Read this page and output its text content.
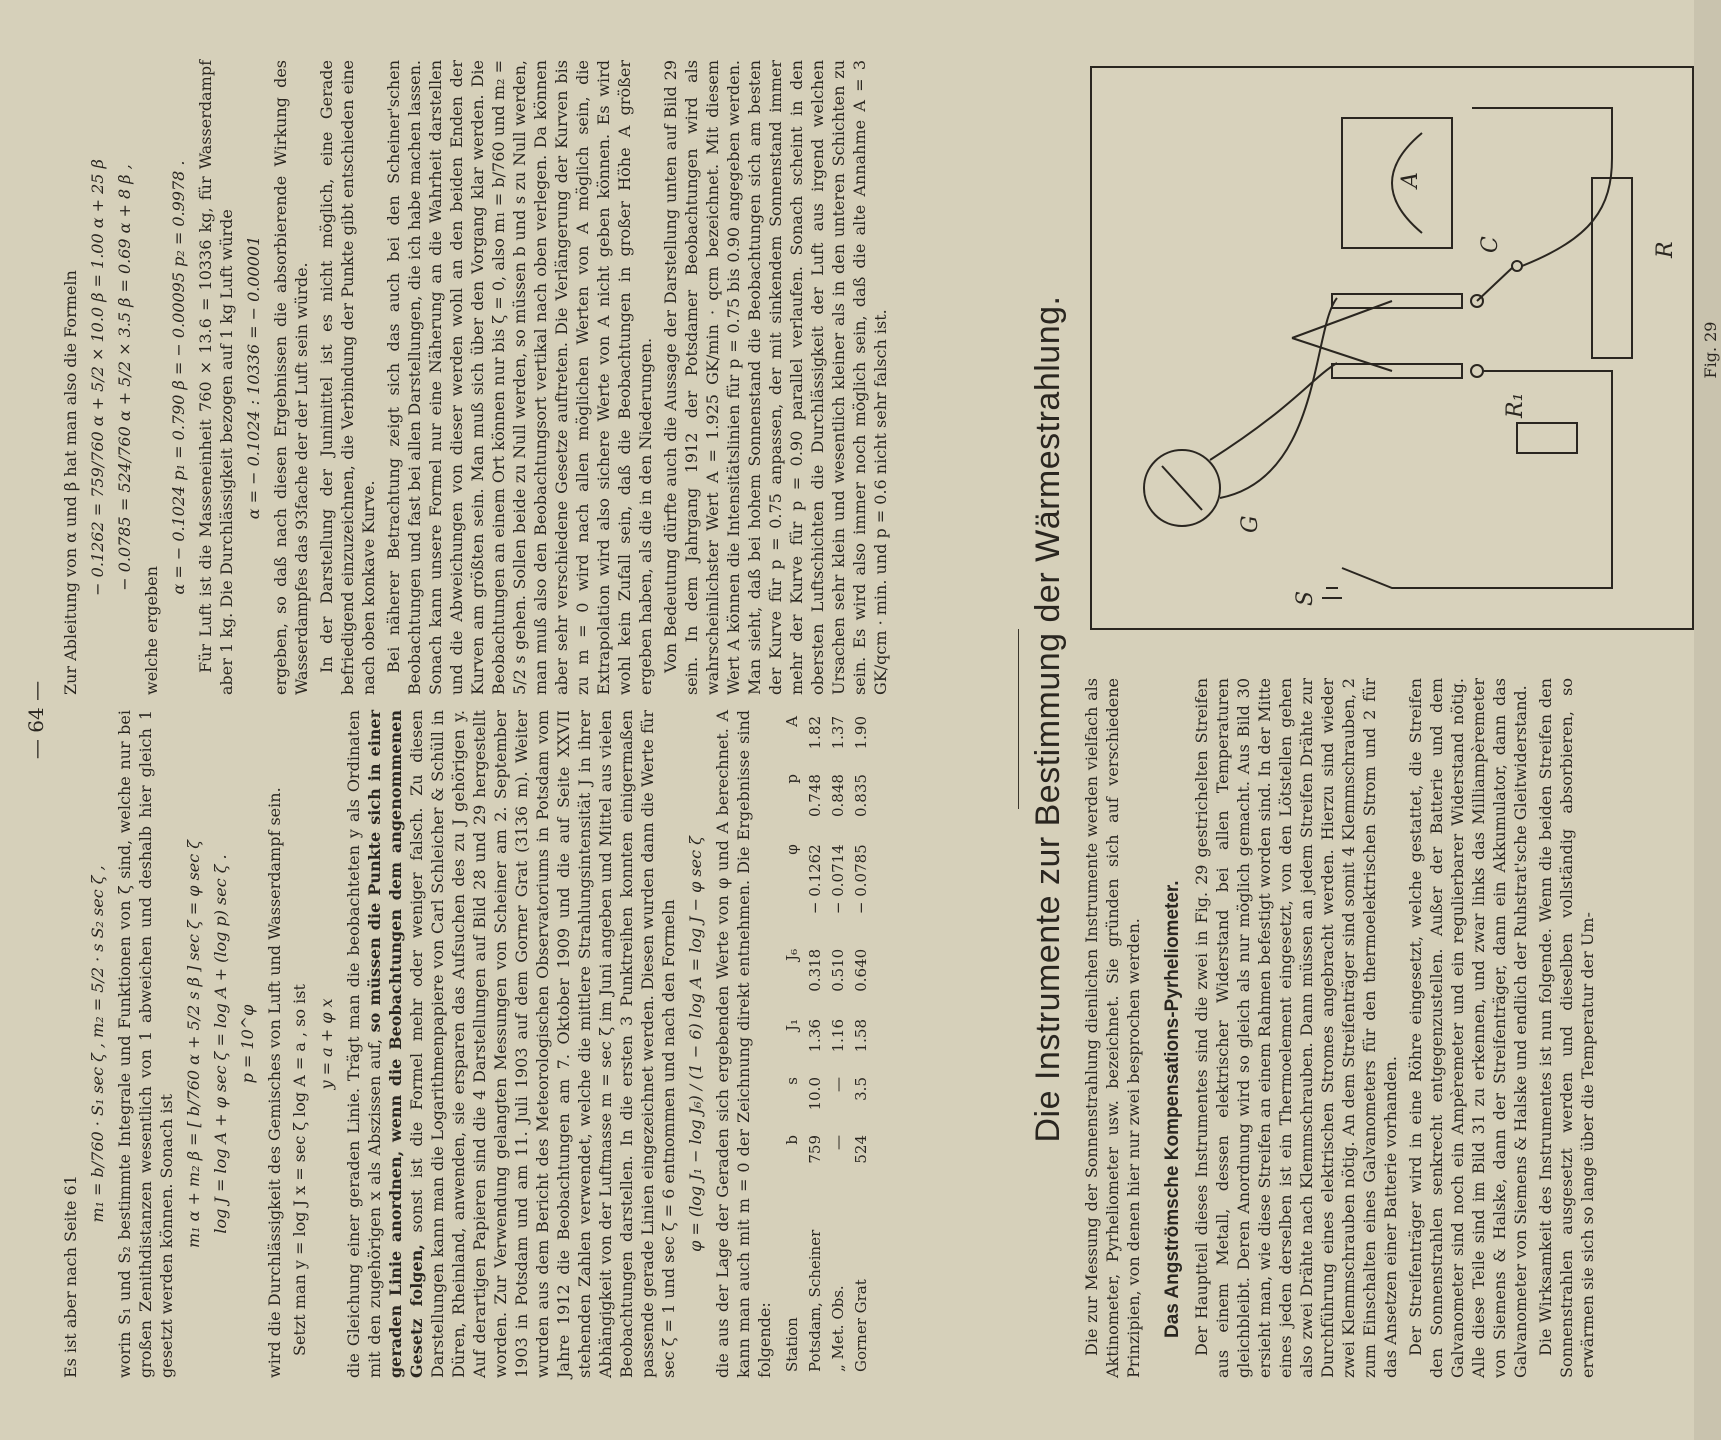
— 64 —

Es ist aber nach Seite 61

m₁ = b/760 · S₁ sec ζ , m₂ = 5/2 · s S₂ sec ζ , worin S₁ und S₂ bestimmte Integrale und Funktionen von ζ sind, welche nur bei großen Zenithdistanzen wesentlich von 1 abweichen und deshalb hier gleich 1 gesetzt werden können. Sonach ist m₁ α + m₂ β = [ b/760 α + 5/2 s β ] sec ζ = φ sec ζ log J = log A + φ sec ζ = log A + (log p) sec ζ . p = 10^φ wird die Durchlässigkeit des Gemisches von Luft und Wasserdampf sein. Setzt man y = log J x = sec ζ log A = a , so ist y = a + φ x die Gleichung einer geraden Linie. Trägt man die beobachteten y als Ordinaten mit den zugehörigen x als Abszissen auf, so müssen die Punkte sich in einer geraden Linie anordnen, wenn die Beobachtungen dem angenommenen Gesetz folgen, sonst ist die Formel mehr oder weniger falsch. Zu diesen Darstellungen kann man die Logarithmenpapiere von Carl Schleicher & Schüll in Düren, Rheinland, anwenden, sie ersparen das Aufsuchen des zu J gehörigen y. Auf derartigen Papieren sind die 4 Darstellungen auf Bild 28 und 29 hergestellt worden. Zur Verwendung gelangten Messungen von Scheiner am 2. September 1903 in Potsdam und am 11. Juli 1903 auf dem Gorner Grat (3136 m). Weiter wurden aus dem Bericht des Meteorologischen Observatoriums in Potsdam vom Jahre 1912 die Beobachtungen am 7. Oktober 1909 und die auf Seite XXVII stehenden Zahlen verwendet, welche die mittlere Strahlungsintensität J in ihrer Abhängigkeit von der Luftmasse m = sec ζ im Juni angeben und Mittel aus vielen Beobachtungen darstellen. In die ersten 3 Punktreihen konnten einigermaßen passende gerade Linien eingezeichnet werden. Diesen wurden dann die Werte für sec ζ = 1 und sec ζ = 6 entnommen und nach den Formeln φ = (log J₁ − log J₆) / (1 − 6) log A = log J − φ sec ζ die aus der Lage der Geraden sich ergebenden Werte von φ und A berechnet. A kann man auch mit m = 0 der Zeichnung direkt entnehmen. Die Ergebnisse sind folgende: Station	b	s	J₁	J₆	φ	p	A
Potsdam, Scheiner	759	10.0	1.36	0.318	− 0.1262	0.748	1.82
„ Met. Obs.	—	—	1.16	0.510	− 0.0714	0.848	1.37
Gorner Grat	524	3.5	1.58	0.640	− 0.0785	0.835	1.90

Zur Ableitung von α und β hat man also die Formeln − 0.1262 = 759/760 α + 5/2 × 10.0 β = 1.00 α + 25 β − 0.0785 = 524/760 α + 5/2 × 3.5 β = 0.69 α + 8 β ,

welche ergeben

α = − 0.1024 p₁ = 0.790 β = − 0.00095 p₂ = 0.9978 . Für Luft ist die Masseneinheit 760 × 13.6 = 10336 kg, für Wasserdampf aber 1 kg. Die Durchlässigkeit bezogen auf 1 kg Luft würde α = − 0.1024 : 10336 = − 0.00001 ergeben, so daß nach diesen Ergebnissen die absorbierende Wirkung des Wasserdampfes das 93fache der der Luft sein würde. In der Darstellung der Junimittel ist es nicht möglich, eine Gerade befriedigend einzuzeichnen, die Verbindung der Punkte gibt entschieden eine nach oben konkave Kurve. Bei näherer Betrachtung zeigt sich das auch bei den Scheiner'schen Beobachtungen und fast bei allen Darstellungen, die ich habe machen lassen. Sonach kann unsere Formel nur eine Näherung an die Wahrheit darstellen und die Abweichungen von dieser werden wohl an den beiden Enden der Kurven am größten sein. Man muß sich über den Vorgang klar werden. Die Beobachtungen an einem Ort können nur bis ζ = 0, also m₁ = b/760 und m₂ = 5/2 s gehen. Sollen beide zu Null werden, so müssen b und s zu Null werden, man muß also den Beobachtungsort vertikal nach oben verlegen. Da können aber sehr verschiedene Gesetze auftreten. Die Verlängerung der Kurven bis zu m = 0 wird nach allen möglichen Werten von A möglich sein, die Extrapolation wird also sichere Werte von A nicht geben können. Es wird wohl kein Zufall sein, daß die Beobachtungen in großer Höhe A größer ergeben haben, als die in den Niederungen. Von Bedeutung dürfte auch die Aussage der Darstellung unten auf Bild 29 sein. In dem Jahrgang 1912 der Potsdamer Beobachtungen wird als wahrscheinlichster Wert A = 1.925 GK/min · qcm bezeichnet. Mit diesem Wert A können die Intensitätslinien für p = 0.75 bis 0.90 angegeben werden. Man sieht, daß bei hohem Sonnenstand die Beobachtungen sich am besten der Kurve für p = 0.75 anpassen, der mit sinkendem Sonnenstand immer mehr der Kurve für p = 0.90 parallel verlaufen. Sonach scheint in den obersten Luftschichten die Durchlässigkeit der Luft aus irgend welchen Ursachen sehr klein und wesentlich kleiner als in den unteren Schichten zu sein. Es wird also immer noch möglich sein, daß die alte Annahme A = 3 GK/qcm · min. und p = 0.6 nicht sehr falsch ist.	Die Instrumente zur Bestimmung der Wärmestrahlung. Die zur Messung der Sonnenstrahlung dienlichen Instrumente werden vielfach als Aktinometer, Pyrheliometer usw. bezeichnet. Sie gründen sich auf verschiedene Prinzipien, von denen hier nur zwei besprochen werden. Das Angströmsche Kompensations-Pyrheliometer. Der Hauptteil dieses Instrumentes sind die zwei in Fig. 29 gestrichelten Streifen aus einem Metall, dessen elektrischer Widerstand bei allen Temperaturen gleichbleibt. Deren Anordnung wird so gleich als nur möglich gemacht. Aus Bild 30 ersieht man, wie diese Streifen an einem Rahmen befestigt worden sind. In der Mitte eines jeden derselben ist ein Thermoelement eingesetzt, von den Lötstellen gehen also zwei Drähte nach Klemmschrauben. Dann müssen an jedem Streifen Drähte zur Durchführung eines elektrischen Stromes angebracht werden. Hierzu sind wieder zwei Klemmschrauben nötig. An dem Streifenträger sind somit 4 Klemmschrauben, 2 zum Einschalten eines Galvanometers für den thermoelektrischen Strom und 2 für das Ansetzen einer Batterie vorhanden. Der Streifenträger wird in eine Röhre eingesetzt, welche gestattet, die Streifen den Sonnenstrahlen senkrecht entgegenzustellen. Außer der Batterie und dem Galvanometer sind noch ein Ampèremeter und ein regulierbarer Widerstand nötig. Alle diese Teile sind im Bild 31 zu erkennen, und zwar links das Milliampèremeter von Siemens & Halske, dann der Streifenträger, dann ein Akkumulator, dann das Galvanometer von Siemens & Halske und endlich der Ruhstrat'sche Gleitwiderstand. Die Wirksamkeit des Instrumentes ist nun folgende. Wenn die beiden Streifen den Sonnenstrahlen ausgesetzt werden und dieselben vollständig absorbieren, so erwärmen sie sich so lange über die Temperatur der Um-

G
S
R₁
R
C
A
Fig. 29
